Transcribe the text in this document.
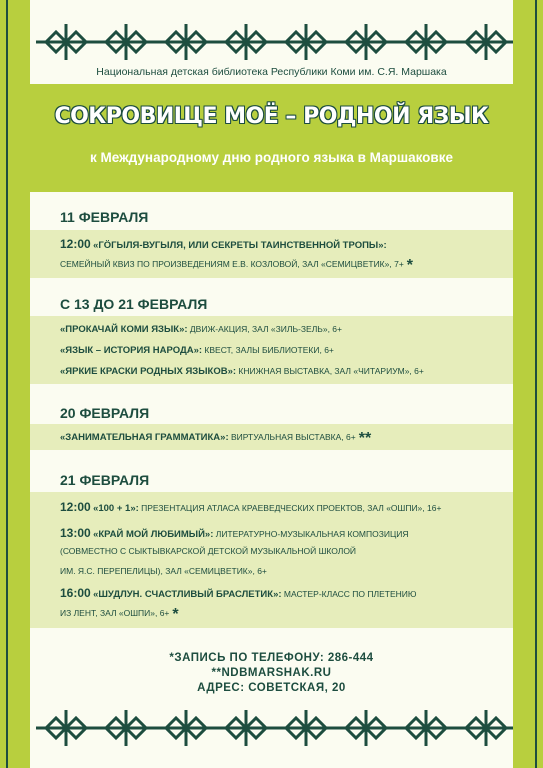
Национальная детская библиотека Республики Коми им. С.Я. Маршака
СОКРОВИЩЕ МОЁ – РОДНОЙ ЯЗЫК
к Международному дню родного языка в Маршаковке
11 ФЕВРАЛЯ
12:00 «ГÖГЫЛЯ-ВУГЫЛЯ, ИЛИ СЕКРЕТЫ ТАИНСТВЕННОЙ ТРОПЫ»:
СЕМЕЙНЫЙ КВИЗ ПО ПРОИЗВЕДЕНИЯМ Е.В. КОЗЛОВОЙ, ЗАЛ «СЕМИЦВЕТИК», 7+ *
С 13 ДО 21 ФЕВРАЛЯ
«ПРОКАЧАЙ КОМИ ЯЗЫК»: ДВИЖ-АКЦИЯ, ЗАЛ «ЗИЛЬ-ЗЕЛЬ», 6+
«ЯЗЫК – ИСТОРИЯ НАРОДА»: КВЕСТ, ЗАЛЫ БИБЛИОТЕКИ, 6+
«ЯРКИЕ КРАСКИ РОДНЫХ ЯЗЫКОВ»: КНИЖНАЯ ВЫСТАВКА, ЗАЛ «ЧИТАРИУМ», 6+
20 ФЕВРАЛЯ
«ЗАНИМАТЕЛЬНАЯ ГРАММАТИКА»: ВИРТУАЛЬНАЯ ВЫСТАВКА, 6+ **
21 ФЕВРАЛЯ
12:00 «100 + 1»: ПРЕЗЕНТАЦИЯ АТЛАСА КРАЕВЕДЧЕСКИХ ПРОЕКТОВ, ЗАЛ «ОШПИ», 16+
13:00 «КРАЙ МОЙ ЛЮБИМЫЙ»: ЛИТЕРАТУРНО-МУЗЫКАЛЬНАЯ КОМПОЗИЦИЯ
(СОВМЕСТНО С СЫКТЫВКАРСКОЙ ДЕТСКОЙ МУЗЫКАЛЬНОЙ ШКОЛОЙ
ИМ. Я.С. ПЕРЕПЕЛИЦЫ), ЗАЛ «СЕМИЦВЕТИК», 6+
16:00 «ШУДЛУН. СЧАСТЛИВЫЙ БРАСЛЕТИК»: МАСТЕР-КЛАСС ПО ПЛЕТЕНИЮ
ИЗ ЛЕНТ, ЗАЛ «ОШПИ», 6+ *
*ЗАПИСЬ ПО ТЕЛЕФОНУ: 286-444
**NDBMARSHAK.RU
АДРЕС: СОВЕТСКАЯ, 20
